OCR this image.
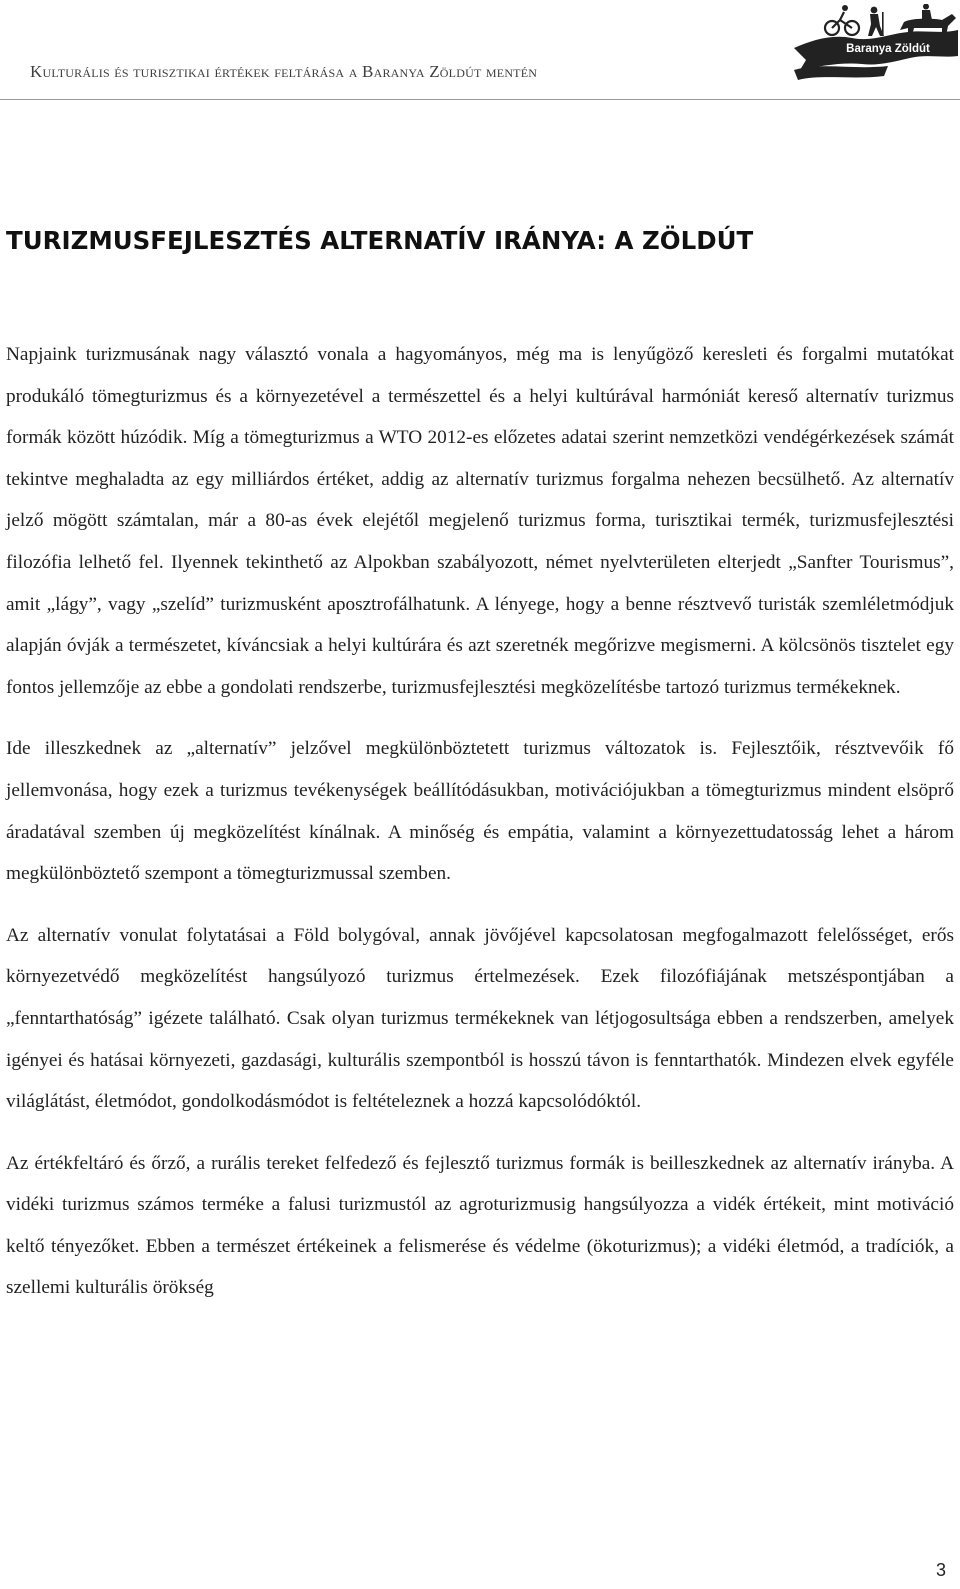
Kulturális és turisztikai értékek feltárása a Baranya Zöldút mentén
Baranya Zöldút
TURIZMUSFEJLESZTÉS ALTERNATÍV IRÁNYA: A ZÖLDÚT

Napjaink turizmusának nagy választó vonala a hagyományos, még ma is lenyűgöző keresleti és forgalmi mutatókat produkáló tömegturizmus és a környezetével a természettel és a helyi kultúrával harmóniát kereső alternatív turizmus formák között húzódik. Míg a tömegturizmus a WTO 2012-es előzetes adatai szerint nemzetközi vendégérkezések számát tekintve meghaladta az egy milliárdos értéket, addig az alternatív turizmus forgalma nehezen becsülhető. Az alternatív jelző mögött számtalan, már a 80-as évek elejétől megjelenő turizmus forma, turisztikai termék, turizmusfejlesztési filozófia lelhető fel. Ilyennek tekinthető az Alpokban szabályozott, német nyelvterületen elterjedt „Sanfter Tourismus”, amit „lágy”, vagy „szelíd” turizmusként aposztrofálhatunk. A lényege, hogy a benne résztvevő turisták szemléletmódjuk alapján óvják a természetet, kíváncsiak a helyi kultúrára és azt szeretnék megőrizve megismerni. A kölcsönös tisztelet egy fontos jellemzője az ebbe a gondolati rendszerbe, turizmusfejlesztési megközelítésbe tartozó turizmus termékeknek.

Ide illeszkednek az „alternatív” jelzővel megkülönböztetett turizmus változatok is. Fejlesztőik, résztvevőik fő jellemvonása, hogy ezek a turizmus tevékenységek beállítódásukban, motivációjukban a tömegturizmus mindent elsöprő áradatával szemben új megközelítést kínálnak. A minőség és empátia, valamint a környezettudatosság lehet a három megkülönböztető szempont a tömegturizmussal szemben.

Az alternatív vonulat folytatásai a Föld bolygóval, annak jövőjével kapcsolatosan megfogalmazott felelősséget, erős környezetvédő megközelítést hangsúlyozó turizmus értelmezések. Ezek filozófiájának metszéspontjában a „fenntarthatóság” igézete található. Csak olyan turizmus termékeknek van létjogosultsága ebben a rendszerben, amelyek igényei és hatásai környezeti, gazdasági, kulturális szempontból is hosszú távon is fenntarthatók. Mindezen elvek egyféle világlátást, életmódot, gondolkodásmódot is feltételeznek a hozzá kapcsolódóktól.

Az értékfeltáró és őrző, a rurális tereket felfedező és fejlesztő turizmus formák is beilleszkednek az alternatív irányba. A vidéki turizmus számos terméke a falusi turizmustól az agroturizmusig hangsúlyozza a vidék értékeit, mint motiváció keltő tényezőket. Ebben a természet értékeinek a felismerése és védelme (ökoturizmus); a vidéki életmód, a tradíciók, a szellemi kulturális örökség

3
